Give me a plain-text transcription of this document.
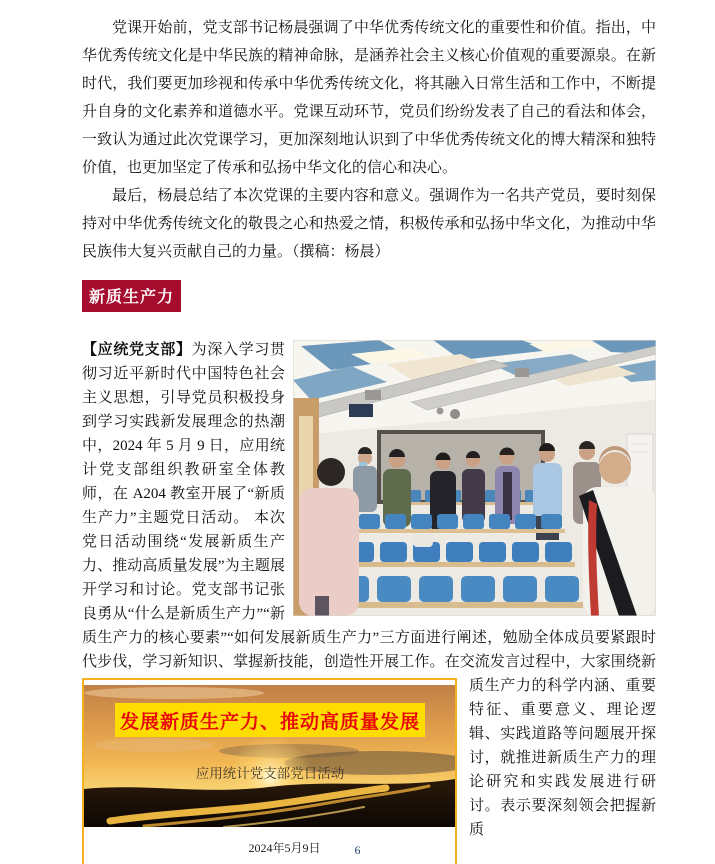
党课开始前，党支部书记杨晨强调了中华优秀传统文化的重要性和价值。指出，中华优秀传统文化是中华民族的精神命脉，是涵养社会主义核心价值观的重要源泉。在新时代，我们要更加珍视和传承中华优秀传统文化，将其融入日常生活和工作中，不断提升自身的文化素养和道德水平。党课互动环节，党员们纷纷发表了自己的看法和体会，一致认为通过此次党课学习，更加深刻地认识到了中华优秀传统文化的博大精深和独特价值，也更加坚定了传承和弘扬中华文化的信心和决心。

最后，杨晨总结了本次党课的主要内容和意义。强调作为一名共产党员，要时刻保持对中华优秀传统文化的敬畏之心和热爱之情，积极传承和弘扬中华文化，为推动中华民族伟大复兴贡献自己的力量。（撰稿：杨晨）

新质生产力

【应统党支部】为深入学习贯彻习近平新时代中国特色社会主义思想，引导党员积极投身到学习实践新发展理念的热潮中，2024 年 5 月 9 日，应用统计党支部组织教研室全体教师，在 A204 教室开展了“新质生产力”主题党日活动。

本次党日活动围绕“发展新质生产力、推动高质量发展”为主题展开学习和讨论。党支部书记张良勇从“什么是新质生产力”“新质生产力的核心要素”“如何发展新质生产力”三方面进行阐述，勉励全体成员要紧跟时代步伐，学习新知识、掌握新技能，创造性
发展新质生产力、推动高质量发展
应用统计党支部党日活动
2024年5月9日
开展工作。在交流发言过程中，大家围绕新质生产力的科学内涵、重要特征、重要意义、理论逻辑、实践道路等问题展开探讨，就推进新质生产力的理论研究和实践发展进行研讨。表示要深刻领会把握新质

6
